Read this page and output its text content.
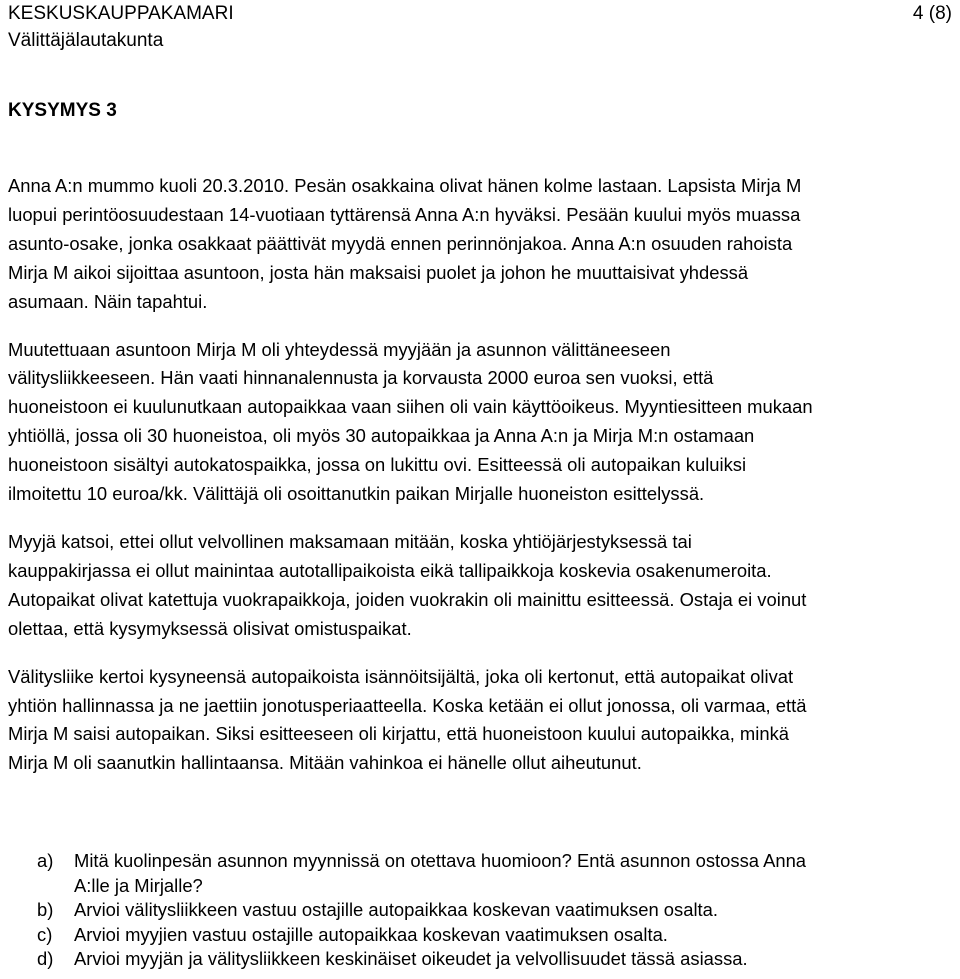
KESKUSKAUPPAKAMARI	4 (8)
Välittäjälautakunta
KYSYMYS 3

Anna A:n mummo kuoli 20.3.2010. Pesän osakkaina olivat hänen kolme lastaan. Lapsista Mirja M
luopui perintöosuudestaan 14-vuotiaan tyttärensä Anna A:n hyväksi. Pesään kuului myös muassa
asunto-osake, jonka osakkaat päättivät myydä ennen perinnönjakoa. Anna A:n osuuden rahoista
Mirja M aikoi sijoittaa asuntoon, josta hän maksaisi puolet ja johon he muuttaisivat yhdessä
asumaan. Näin tapahtui.

Muutettuaan asuntoon Mirja M oli yhteydessä myyjään ja asunnon välittäneeseen
välitysliikkeeseen. Hän vaati hinnanalennusta ja korvausta 2000 euroa sen vuoksi, että
huoneistoon ei kuulunutkaan autopaikkaa vaan siihen oli vain käyttöoikeus. Myyntiesitteen mukaan
yhtiöllä, jossa oli 30 huoneistoa, oli myös 30 autopaikkaa ja Anna A:n ja Mirja M:n ostamaan
huoneistoon sisältyi autokatospaikka, jossa on lukittu ovi. Esitteessä oli autopaikan kuluiksi
ilmoitettu 10 euroa/kk. Välittäjä oli osoittanutkin paikan Mirjalle huoneiston esittelyssä.

Myyjä katsoi, ettei ollut velvollinen maksamaan mitään, koska yhtiöjärjestyksessä tai
kauppakirjassa ei ollut mainintaa autotallipaikoista eikä tallipaikkoja koskevia osakenumeroita.
Autopaikat olivat katettuja vuokrapaikkoja, joiden vuokrakin oli mainittu esitteessä. Ostaja ei voinut
olettaa, että kysymyksessä olisivat omistuspaikat.

Välitysliike kertoi kysyneensä autopaikoista isännöitsijältä, joka oli kertonut, että autopaikat olivat
yhtiön hallinnassa ja ne jaettiin jonotusperiaatteella. Koska ketään ei ollut jonossa, oli varmaa, että
Mirja M saisi autopaikan. Siksi esitteeseen oli kirjattu, että huoneistoon kuului autopaikka, minkä
Mirja M oli saanutkin hallintaansa. Mitään vahinkoa ei hänelle ollut aiheutunut.

a)	Mitä kuolinpesän asunnon myynnissä on otettava huomioon? Entä asunnon ostossa Anna
A:lle ja Mirjalle?
b)	Arvioi välitysliikkeen vastuu ostajille autopaikkaa koskevan vaatimuksen osalta.
c)	Arvioi myyjien vastuu ostajille autopaikkaa koskevan vaatimuksen osalta.
d)	Arvioi myyjän ja välitysliikkeen keskinäiset oikeudet ja velvollisuudet tässä asiassa.
